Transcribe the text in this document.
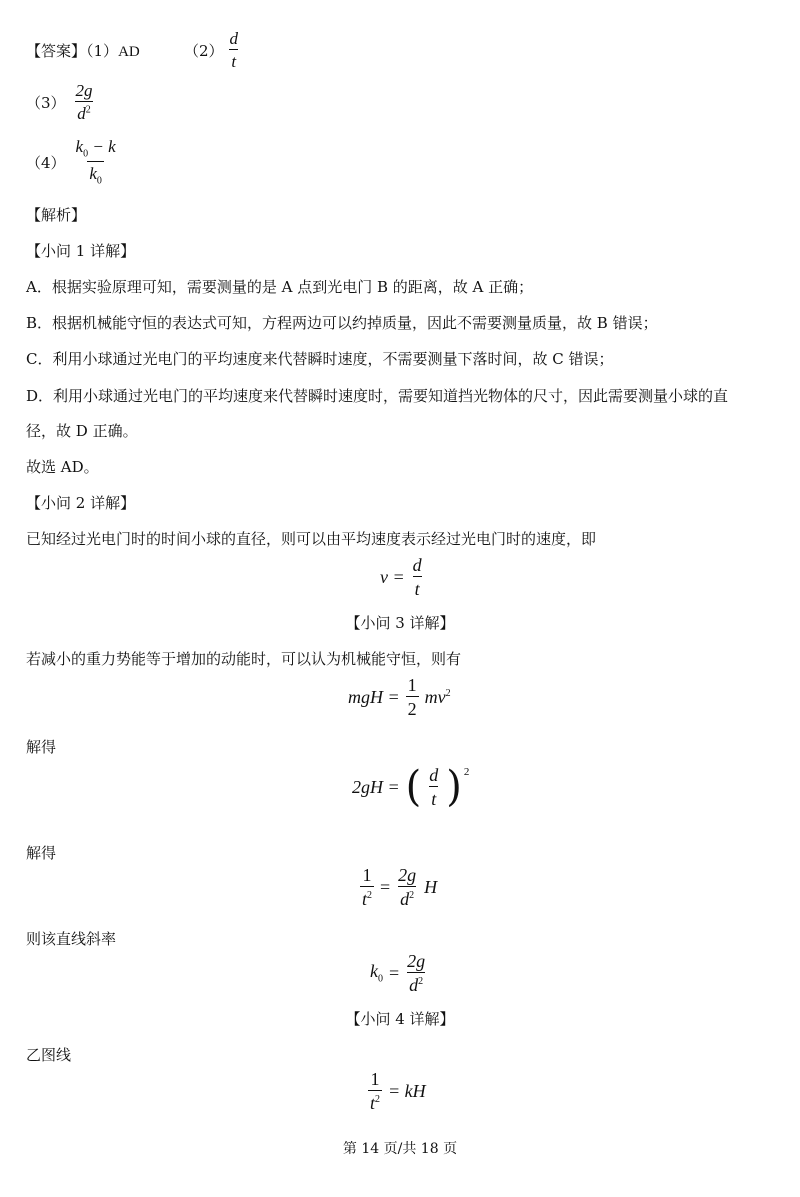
【答案】（1）AD	$(2) \frac{d}{t}$
$(3) \frac{2g}{d^2}$
$(4) \frac{k_0 - k}{k_0}$
【解析】
【小问 1 详解】
A．根据实验原理可知，需要测量的是 A 点到光电门 B 的距离，故 A 正确；
B．根据机械能守恒的表达式可知，方程两边可以约掉质量，因此不需要测量质量，故 B 错误；
C．利用小球通过光电门的平均速度来代替瞬时速度，不需要测量下落时间，故 C 错误；
D．利用小球通过光电门的平均速度来代替瞬时速度时，需要知道挡光物体的尺寸，因此需要测量小球的直
径，故 D 正确。
故选 AD。
【小问 2 详解】
已知经过光电门时的时间小球的直径，则可以由平均速度表示经过光电门时的速度，即
$v = \frac{d}{t}$
【小问 3 详解】
若减小的重力势能等于增加的动能时，可以认为机械能守恒，则有
mgH = $\frac{1}{2} mv^2$
解得
2gH = ( $\frac{d}{t} )^2$
解得
$\frac{1}{t^2} = \frac{2g}{d^2}$ H
则该直线斜率
$k_0 = \frac{2g}{d^2}$
【小问 4 详解】
乙图线
$\frac{1}{t^2}$ = kH
第 14 页/共 18 页
